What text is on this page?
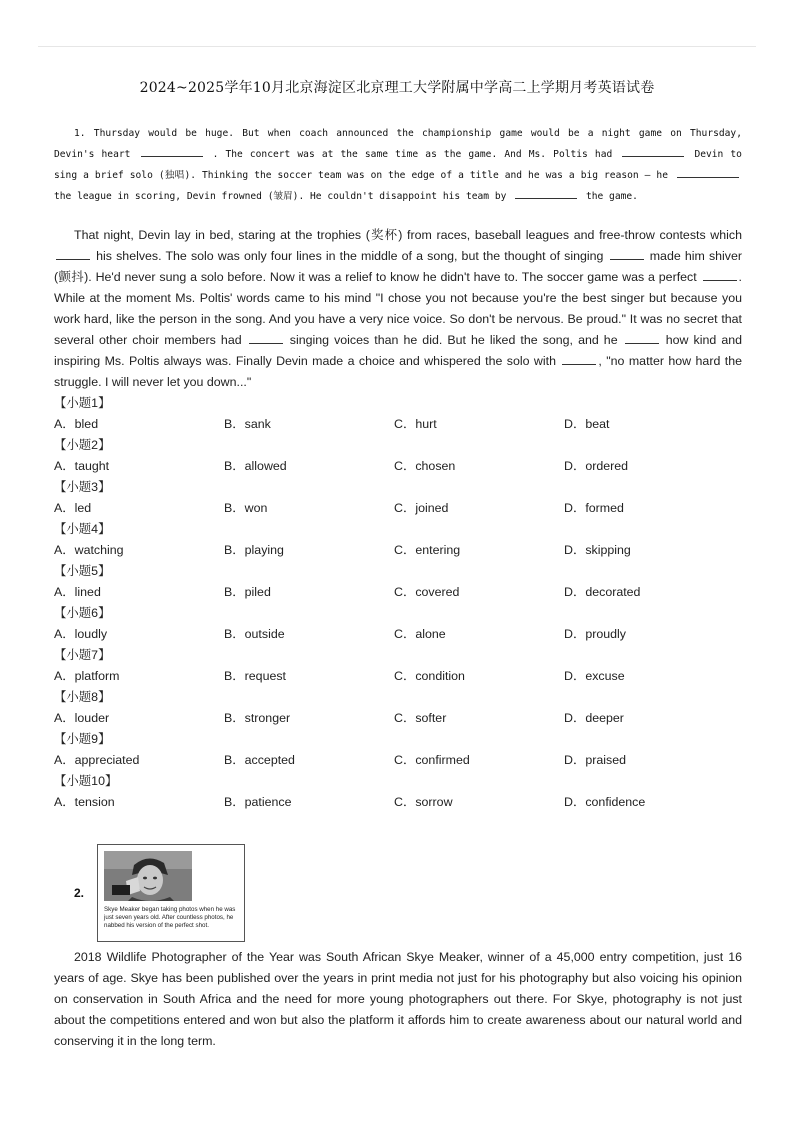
2024~2025学年10月北京海淀区北京理工大学附属中学高二上学期月考英语试卷
1. Thursday would be huge. But when coach announced the championship game would be a night game on Thursday, Devin's heart	. The concert was at the same time as the game. And Ms. Poltis had	Devin to sing a brief solo (独唱). Thinking the soccer team was on the edge of a title and he was a big reason — he  the league in scoring, Devin frowned (皱眉). He couldn't disappoint his team by	the game.
That night, Devin lay in bed, staring at the trophies (奖杯) from races, baseball leagues and free-throw contests which  his shelves. The solo was only four lines in the middle of a song, but the thought of singing	made him shiver (颤抖). He'd never sung a solo before. Now it was a relief to know he didn't have to. The soccer game was a perfect	. While at the moment Ms. Poltis' words came to his mind "I chose you not because you're the best singer but because you work hard, like the person in the song. And you have a very nice voice. So don't be nervous. Be proud." It was no secret that several other choir members had	singing voices than he did. But he liked the song, and he	how kind and inspiring Ms. Poltis always was. Finally Devin made a choice and whispered the solo with	, "no matter how hard the struggle. I will never let you down..."
【小题1】
A．bled	B．sank	C．hurt	D．beat
【小题2】
A．taught	B．allowed	C．chosen	D．ordered
【小题3】
A．led	B．won	C．joined	D．formed
【小题4】
A．watching	B．playing	C．entering	D．skipping
【小题5】
A．lined	B．piled	C．covered	D．decorated
【小题6】
A．loudly	B．outside	C．alone	D．proudly
【小题7】
A．platform	B．request	C．condition	D．excuse
【小题8】
A．louder	B．stronger	C．softer	D．deeper
【小题9】
A．appreciated	B．accepted	C．confirmed	D．praised
【小题10】
A．tension	B．patience	C．sorrow	D．confidence
2.
Skye Meaker began taking photos when he was just seven years old. After countless photos, he nabbed his version of the perfect shot.
2018 Wildlife Photographer of the Year was South African Skye Meaker, winner of a 45,000 entry competition, just 16 years of age. Skye has been published over the years in print media not just for his photography but also voicing his opinion on conservation in South Africa and the need for more young photographers out there. For Skye, photography is not just about the competitions entered and won but also the platform it affords him to create awareness about our natural world and conserving it in the long term.
